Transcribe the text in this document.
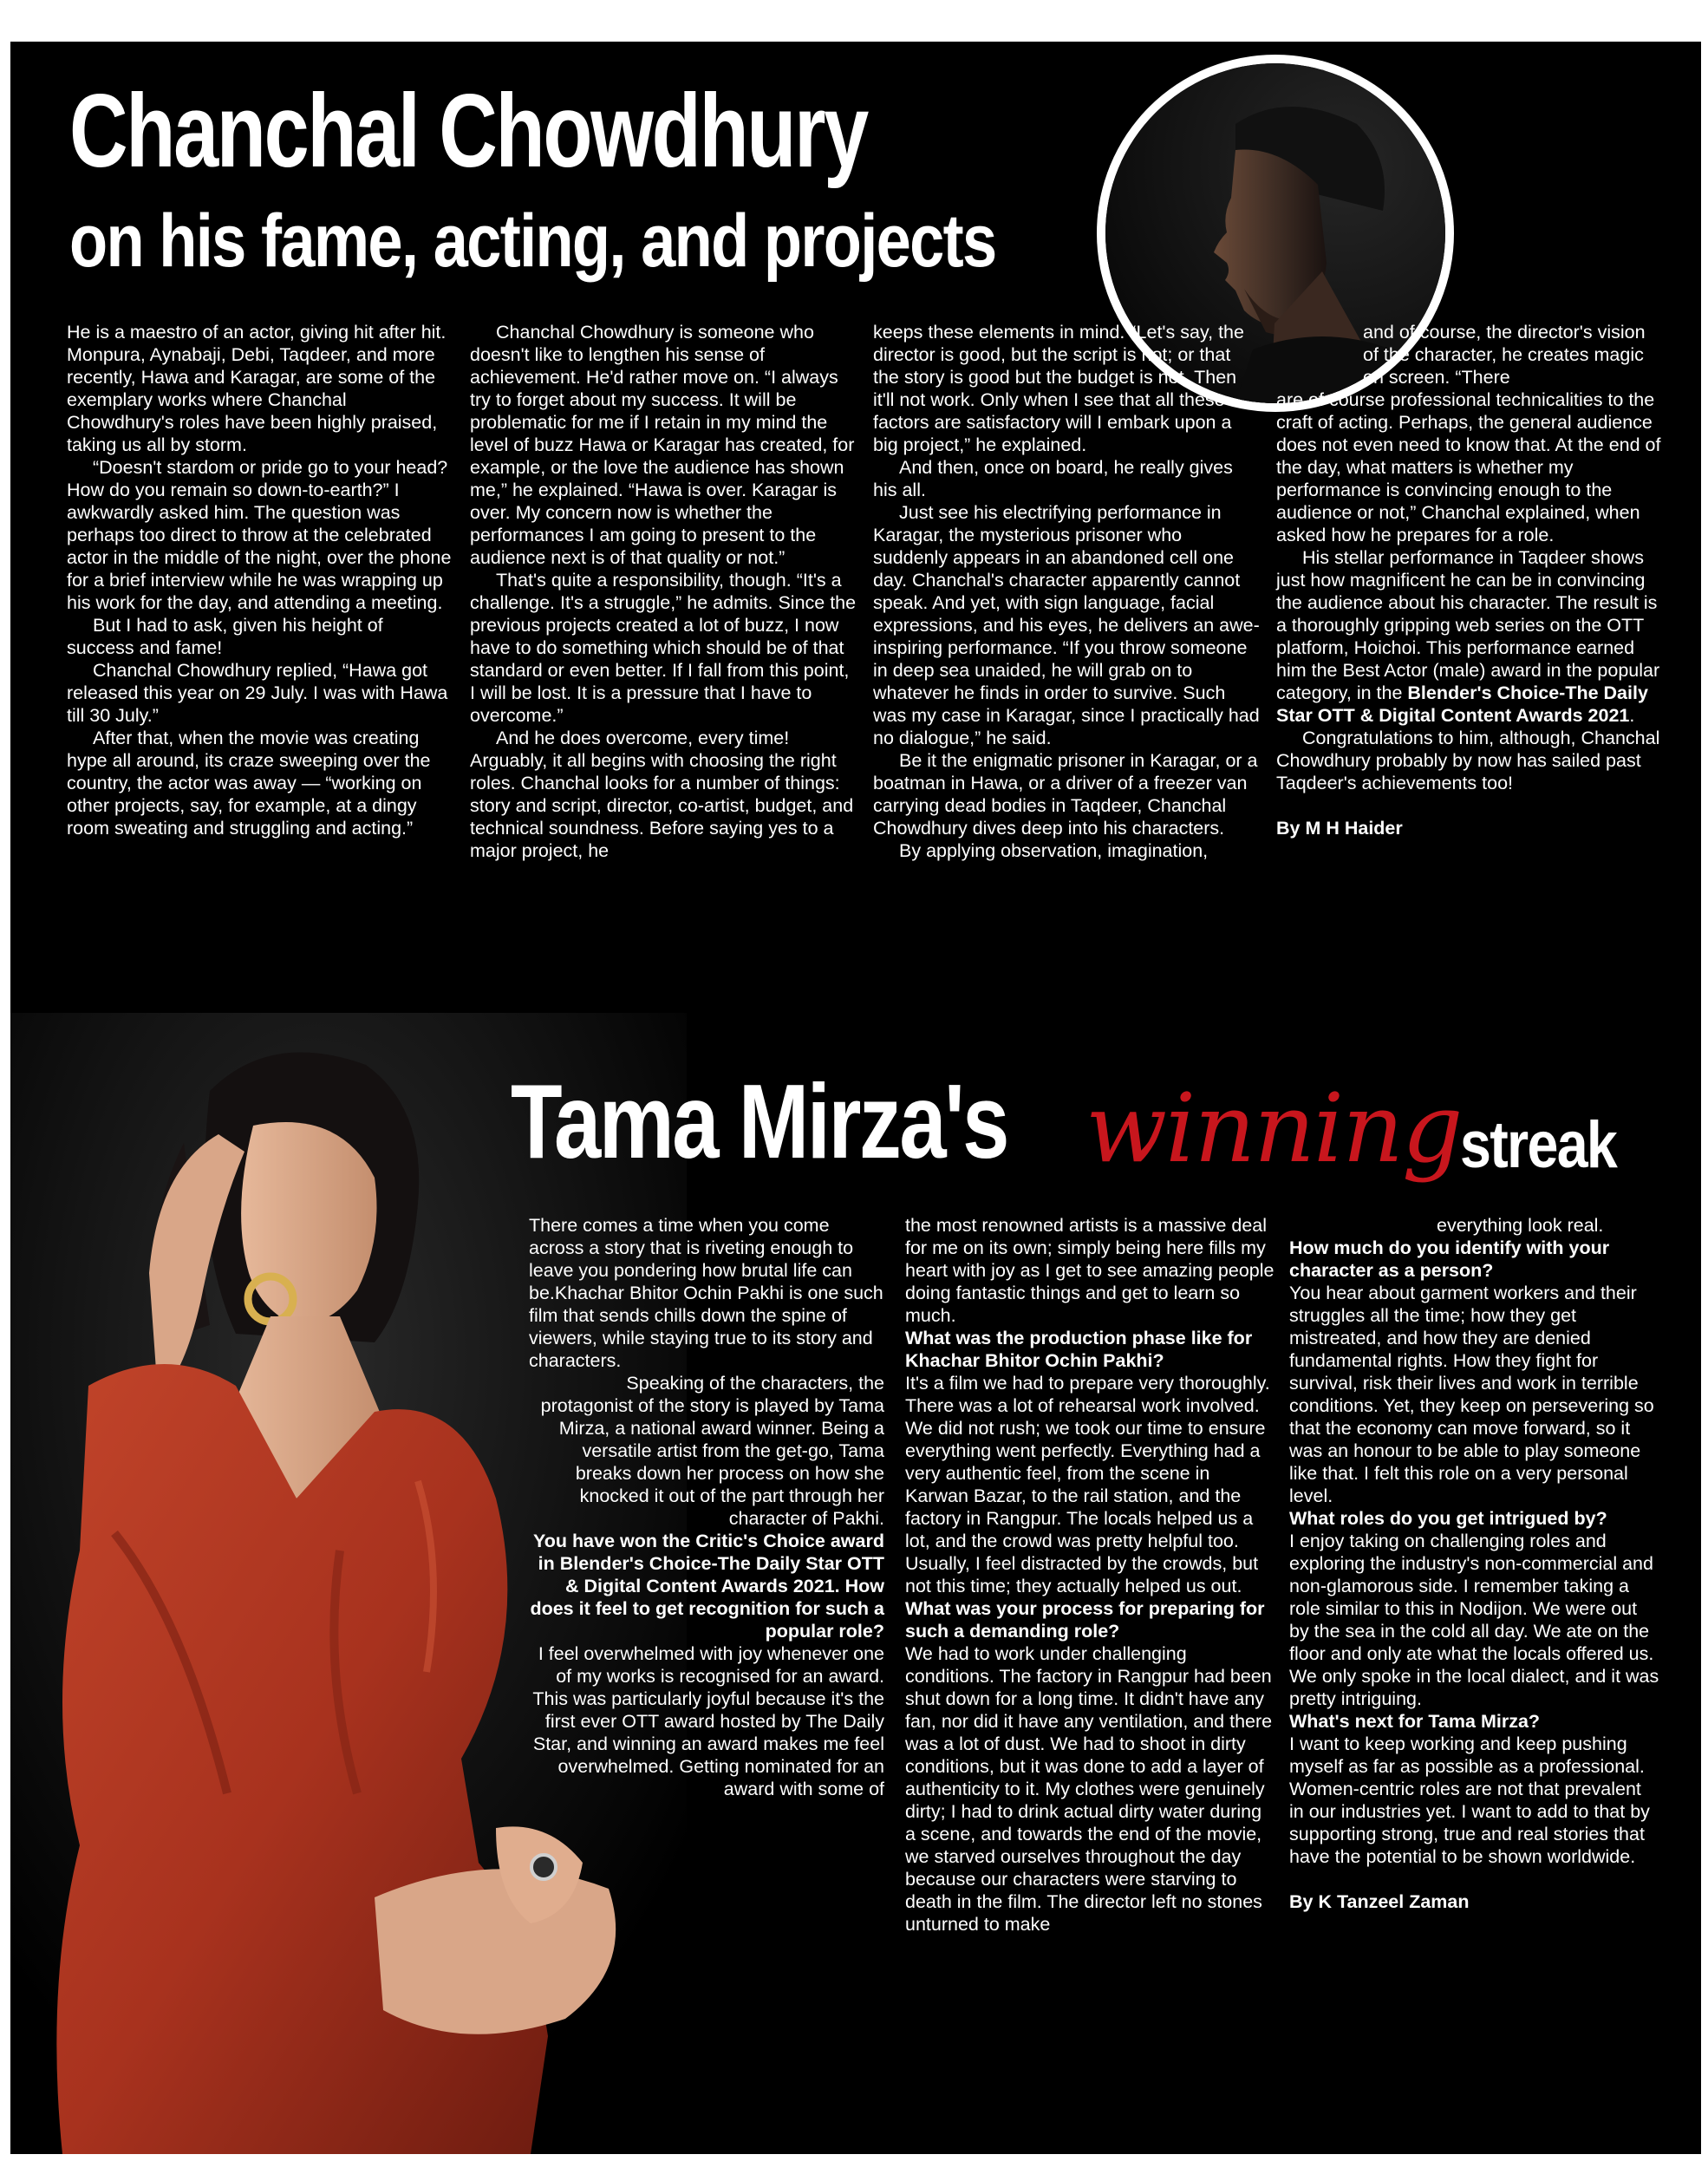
Chanchal Chowdhury
on his fame, acting, and projects

He is a maestro of an actor, giving hit after hit. Monpura, Aynabaji, Debi, Taqdeer, and more recently, Hawa and Karagar, are some of the exemplary works where Chanchal Chowdhury's roles have been highly praised, taking us all by storm.

“Doesn't stardom or pride go to your head? How do you remain so down-to-earth?” I awkwardly asked him. The question was perhaps too direct to throw at the celebrated actor in the middle of the night, over the phone for a brief interview while he was wrapping up his work for the day, and attending a meeting.

But I had to ask, given his height of success and fame!

Chanchal Chowdhury replied, “Hawa got released this year on 29 July. I was with Hawa till 30 July.”

After that, when the movie was creating hype all around, its craze sweeping over the country, the actor was away — “working on other projects, say, for example, at a dingy room sweating and struggling and acting.”

Chanchal Chowdhury is someone who doesn't like to lengthen his sense of achievement. He'd rather move on. “I always try to forget about my success. It will be problematic for me if I retain in my mind the level of buzz Hawa or Karagar has created, for example, or the love the audience has shown me,” he explained. “Hawa is over. Karagar is over. My concern now is whether the performances I am going to present to the audience next is of that quality or not.”

That's quite a responsibility, though. “It's a challenge. It's a struggle,” he admits. Since the previous projects created a lot of buzz, I now have to do something which should be of that standard or even better. If I fall from this point, I will be lost. It is a pressure that I have to overcome.”

And he does overcome, every time! Arguably, it all begins with choosing the right roles. Chanchal looks for a number of things: story and script, director, co-artist, budget, and technical soundness. Before saying yes to a major project, he

keeps these elements in mind. “Let's say, the director is good, but the script is not; or that the story is good but the budget is not. Then it'll not work. Only when I see that all these factors are satisfactory will I embark upon a big project,” he explained.

And then, once on board, he really gives his all.

Just see his electrifying performance in Karagar, the mysterious prisoner who suddenly appears in an abandoned cell one day. Chanchal's character apparently cannot speak. And yet, with sign language, facial expressions, and his eyes, he delivers an awe-inspiring performance. “If you throw someone in deep sea unaided, he will grab on to whatever he finds in order to survive. Such was my case in Karagar, since I practically had no dialogue,” he said.

Be it the enigmatic prisoner in Karagar, or a boatman in Hawa, or a driver of a freezer van carrying dead bodies in Taqdeer, Chanchal Chowdhury dives deep into his characters.

By applying observation, imagination,

and of course, the director's vision of the character, he creates magic on screen. “There

are of course professional technicalities to the craft of acting. Perhaps, the general audience does not even need to know that. At the end of the day, what matters is whether my performance is convincing enough to the audience or not,” Chanchal explained, when asked how he prepares for a role.

His stellar performance in Taqdeer shows just how magnificent he can be in convincing the audience about his character. The result is a thoroughly gripping web series on the OTT platform, Hoichoi. This performance earned him the Best Actor (male) award in the popular category, in the Blender's Choice-The Daily Star OTT & Digital Content Awards 2021.

Congratulations to him, although, Chanchal Chowdhury probably by now has sailed past Taqdeer's achievements too!

By M H Haider

Tama Mirza's winning
streak

There comes a time when you come across a story that is riveting enough to leave you pondering how brutal life can be.Khachar Bhitor Ochin Pakhi is one such film that sends chills down the spine of viewers, while staying true to its story and characters.

Speaking of the characters, the protagonist of the story is played by Tama Mirza, a national award winner. Being a versatile artist from the get-go, Tama breaks down her process on how she knocked it out of the part through her character of Pakhi.

You have won the Critic's Choice award in Blender's Choice-The Daily Star OTT & Digital Content Awards 2021. How does it feel to get recognition for such a popular role?

I feel overwhelmed with joy whenever one of my works is recognised for an award. This was particularly joyful because it's the first ever OTT award hosted by The Daily Star, and winning an award makes me feel overwhelmed. Getting nominated for an award with some of

the most renowned artists is a massive deal for me on its own; simply being here fills my heart with joy as I get to see amazing people doing fantastic things and get to learn so much.

What was the production phase like for Khachar Bhitor Ochin Pakhi?

It's a film we had to prepare very thoroughly. There was a lot of rehearsal work involved. We did not rush; we took our time to ensure everything went perfectly. Everything had a very authentic feel, from the scene in Karwan Bazar, to the rail station, and the factory in Rangpur. The locals helped us a lot, and the crowd was pretty helpful too. Usually, I feel distracted by the crowds, but not this time; they actually helped us out.

What was your process for preparing for such a demanding role?

We had to work under challenging conditions. The factory in Rangpur had been shut down for a long time. It didn't have any fan, nor did it have any ventilation, and there was a lot of dust. We had to shoot in dirty conditions, but it was done to add a layer of authenticity to it. My clothes were genuinely dirty; I had to drink actual dirty water during a scene, and towards the end of the movie, we starved ourselves throughout the day because our characters were starving to death in the film. The director left no stones unturned to make

everything look real.

How much do you identify with your character as a person?

You hear about garment workers and their struggles all the time; how they get mistreated, and how they are denied fundamental rights. How they fight for survival, risk their lives and work in terrible conditions. Yet, they keep on persevering so that the economy can move forward, so it was an honour to be able to play someone like that. I felt this role on a very personal level.

What roles do you get intrigued by?

I enjoy taking on challenging roles and exploring the industry's non-commercial and non-glamorous side. I remember taking a role similar to this in Nodijon. We were out by the sea in the cold all day. We ate on the floor and only ate what the locals offered us. We only spoke in the local dialect, and it was pretty intriguing.

What's next for Tama Mirza?

I want to keep working and keep pushing myself as far as possible as a professional. Women-centric roles are not that prevalent in our industries yet. I want to add to that by supporting strong, true and real stories that have the potential to be shown worldwide.

By K Tanzeel Zaman
